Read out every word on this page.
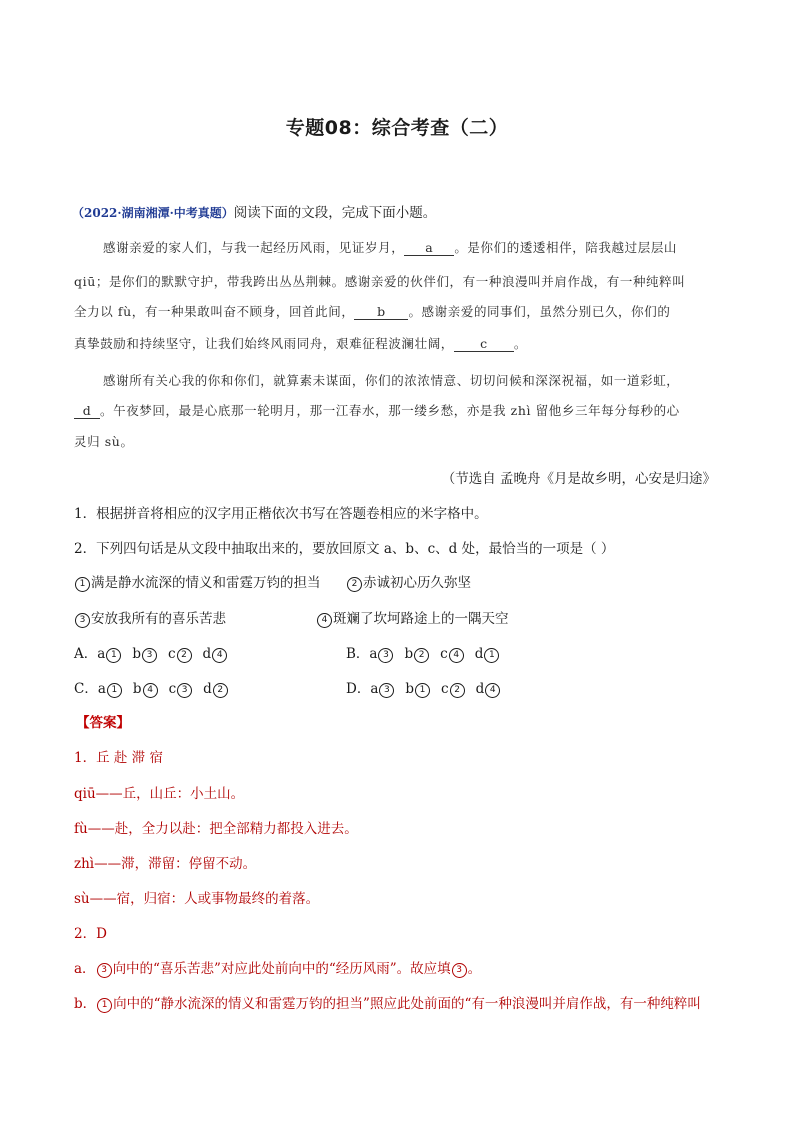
专题08：综合考查（二）
（2022·湖南湘潭·中考真题）阅读下面的文段，完成下面小题。
感谢亲爱的家人们，与我一起经历风雨，见证岁月， a 。是你们的逶逶相伴，陪我越过层层山
qiū；是你们的默默守护，带我跨出丛丛荆棘。感谢亲爱的伙伴们，有一种浪漫叫并肩作战，有一种纯粹叫
全力以 fù，有一种果敢叫奋不顾身，回首此间， b 。感谢亲爱的同事们，虽然分别已久，你们的
真挚鼓励和持续坚守，让我们始终风雨同舟，艰难征程波澜壮阔， c 。
感谢所有关心我的你和你们，就算素未谋面，你们的浓浓情意、切切问候和深深祝福，如一道彩虹，
d 。午夜梦回，最是心底那一轮明月，那一江春水，那一缕乡愁，亦是我 zhì 留他乡三年每分每秒的心
灵归 sù。
（节选自 孟晚舟《月是故乡明，心安是归途》
1．根据拼音将相应的汉字用正楷依次书写在答题卷相应的米字格中。
2．下列四句话是从文段中抽取出来的，要放回原文 a、b、c、d 处，最恰当的一项是（ ）
1 满是静水流深的情义和雷霆万钧的担当	2 赤诚初心历久弥坚
3 安放我所有的喜乐苦悲	4 斑斓了坎坷路途上的一隅天空
A．a 1 b 3 c 2 d 4	B．a 3 b 2 c 4 d 1
C．a 1 b 4 c 3 d 2	D．a 3 b 1 c 2 d 4
【答案】
1．丘 赴 滞 宿
qiū——丘，山丘：小土山。
fù——赴，全力以赴：把全部精力都投入进去。
zhì——滞，滞留：停留不动。
sù——宿，归宿：人或事物最终的着落。
2．D
a． 3 向中的“喜乐苦悲”对应此处前向中的“经历风雨”。故应填 3 。
b． 1 向中的“静水流深的情义和雷霆万钧的担当”照应此处前面的“有一种浪漫叫并肩作战，有一种纯粹叫
